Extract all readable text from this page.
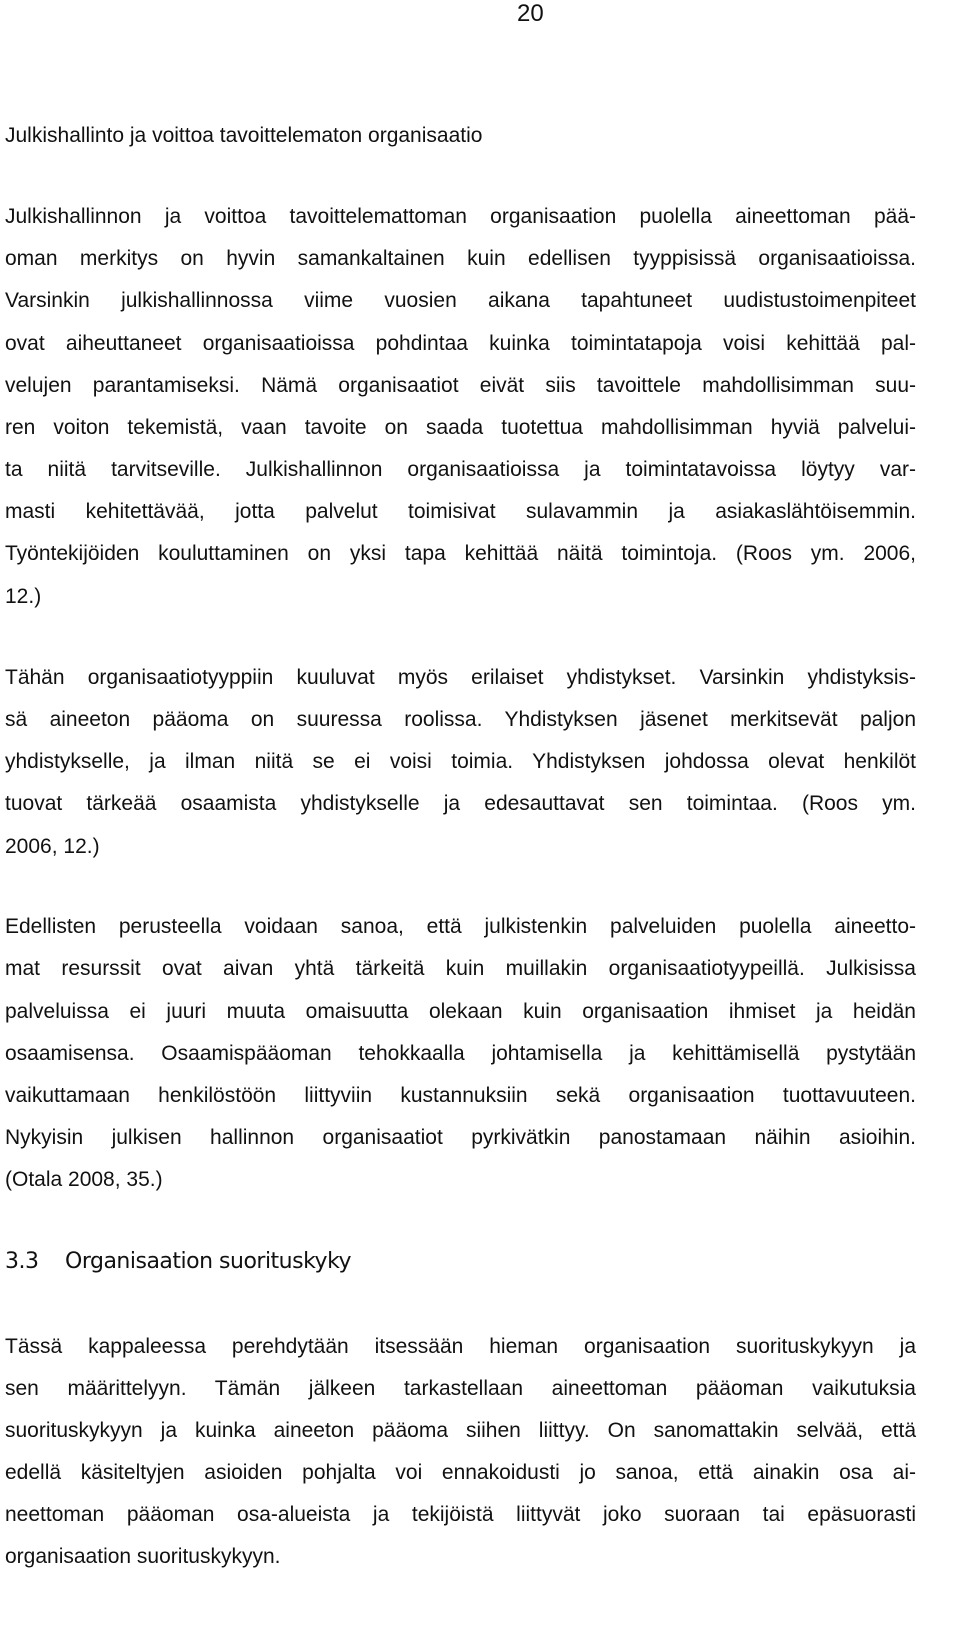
20
Julkishallinto ja voittoa tavoittelematon organisaatio
Julkishallinnon ja voittoa tavoittelemattoman organisaation puolella aineettoman pää-
oman merkitys on hyvin samankaltainen kuin edellisen tyyppisissä organisaatioissa.
Varsinkin julkishallinnossa viime vuosien aikana tapahtuneet uudistustoimenpiteet
ovat aiheuttaneet organisaatioissa pohdintaa kuinka toimintatapoja voisi kehittää pal-
velujen parantamiseksi. Nämä organisaatiot eivät siis tavoittele mahdollisimman suu-
ren voiton tekemistä, vaan tavoite on saada tuotettua mahdollisimman hyviä palvelui-
ta niitä tarvitseville. Julkishallinnon organisaatioissa ja toimintatavoissa löytyy var-
masti kehitettävää, jotta palvelut toimisivat sulavammin ja asiakaslähtöisemmin.
Työntekijöiden kouluttaminen on yksi tapa kehittää näitä toimintoja. (Roos ym. 2006,
12.)
Tähän organisaatiotyyppiin kuuluvat myös erilaiset yhdistykset. Varsinkin yhdistyksis-
sä aineeton pääoma on suuressa roolissa. Yhdistyksen jäsenet merkitsevät paljon
yhdistykselle, ja ilman niitä se ei voisi toimia. Yhdistyksen johdossa olevat henkilöt
tuovat tärkeää osaamista yhdistykselle ja edesauttavat sen toimintaa. (Roos ym.
2006, 12.)
Edellisten perusteella voidaan sanoa, että julkistenkin palveluiden puolella aineetto-
mat resurssit ovat aivan yhtä tärkeitä kuin muillakin organisaatiotyypeillä. Julkisissa
palveluissa ei juuri muuta omaisuutta olekaan kuin organisaation ihmiset ja heidän
osaamisensa. Osaamispääoman tehokkaalla johtamisella ja kehittämisellä pystytään
vaikuttamaan henkilöstöön liittyviin kustannuksiin sekä organisaation tuottavuuteen.
Nykyisin julkisen hallinnon organisaatiot pyrkivätkin panostamaan näihin asioihin.
(Otala 2008, 35.)
3.3 Organisaation suorituskyky
Tässä kappaleessa perehdytään itsessään hieman organisaation suorituskykyyn ja
sen määrittelyyn. Tämän jälkeen tarkastellaan aineettoman pääoman vaikutuksia
suorituskykyyn ja kuinka aineeton pääoma siihen liittyy. On sanomattakin selvää, että
edellä käsiteltyjen asioiden pohjalta voi ennakoidusti jo sanoa, että ainakin osa ai-
neettoman pääoman osa-alueista ja tekijöistä liittyvät joko suoraan tai epäsuorasti
organisaation suorituskykyyn.
